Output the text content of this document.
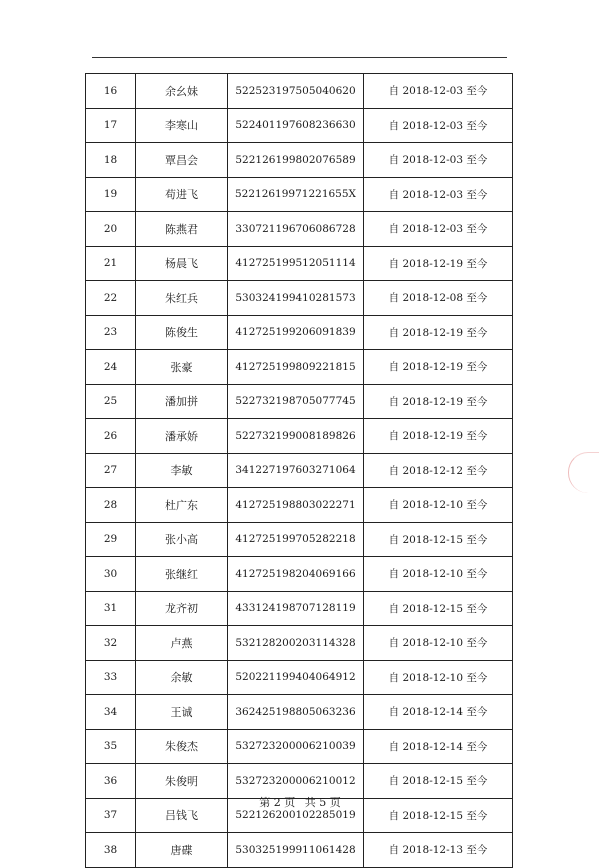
16	余幺妹	522523197505040620	自 2018-12-03 至今
17	李寒山	522401197608236630	自 2018-12-03 至今
18	覃昌会	522126199802076589	自 2018-12-03 至今
19	苟进飞	52212619971221655X	自 2018-12-03 至今
20	陈燕君	330721196706086728	自 2018-12-03 至今
21	杨晨飞	412725199512051114	自 2018-12-19 至今
22	朱红兵	530324199410281573	自 2018-12-08 至今
23	陈俊生	412725199206091839	自 2018-12-19 至今
24	张豪	412725199809221815	自 2018-12-19 至今
25	潘加拼	522732198705077745	自 2018-12-19 至今
26	潘承娇	522732199008189826	自 2018-12-19 至今
27	李敏	341227197603271064	自 2018-12-12 至今
28	杜广东	412725198803022271	自 2018-12-10 至今
29	张小高	412725199705282218	自 2018-12-15 至今
30	张继红	412725198204069166	自 2018-12-10 至今
31	龙齐初	433124198707128119	自 2018-12-15 至今
32	卢燕	532128200203114328	自 2018-12-10 至今
33	余敏	520221199404064912	自 2018-12-10 至今
34	王诚	362425198805063236	自 2018-12-14 至今
35	朱俊杰	532723200006210039	自 2018-12-14 至今
36	朱俊明	532723200006210012	自 2018-12-15 至今
37	吕钱飞	522126200102285019	自 2018-12-15 至今
38	唐碟	530325199911061428	自 2018-12-13 至今
第 2 页 共 5 页
